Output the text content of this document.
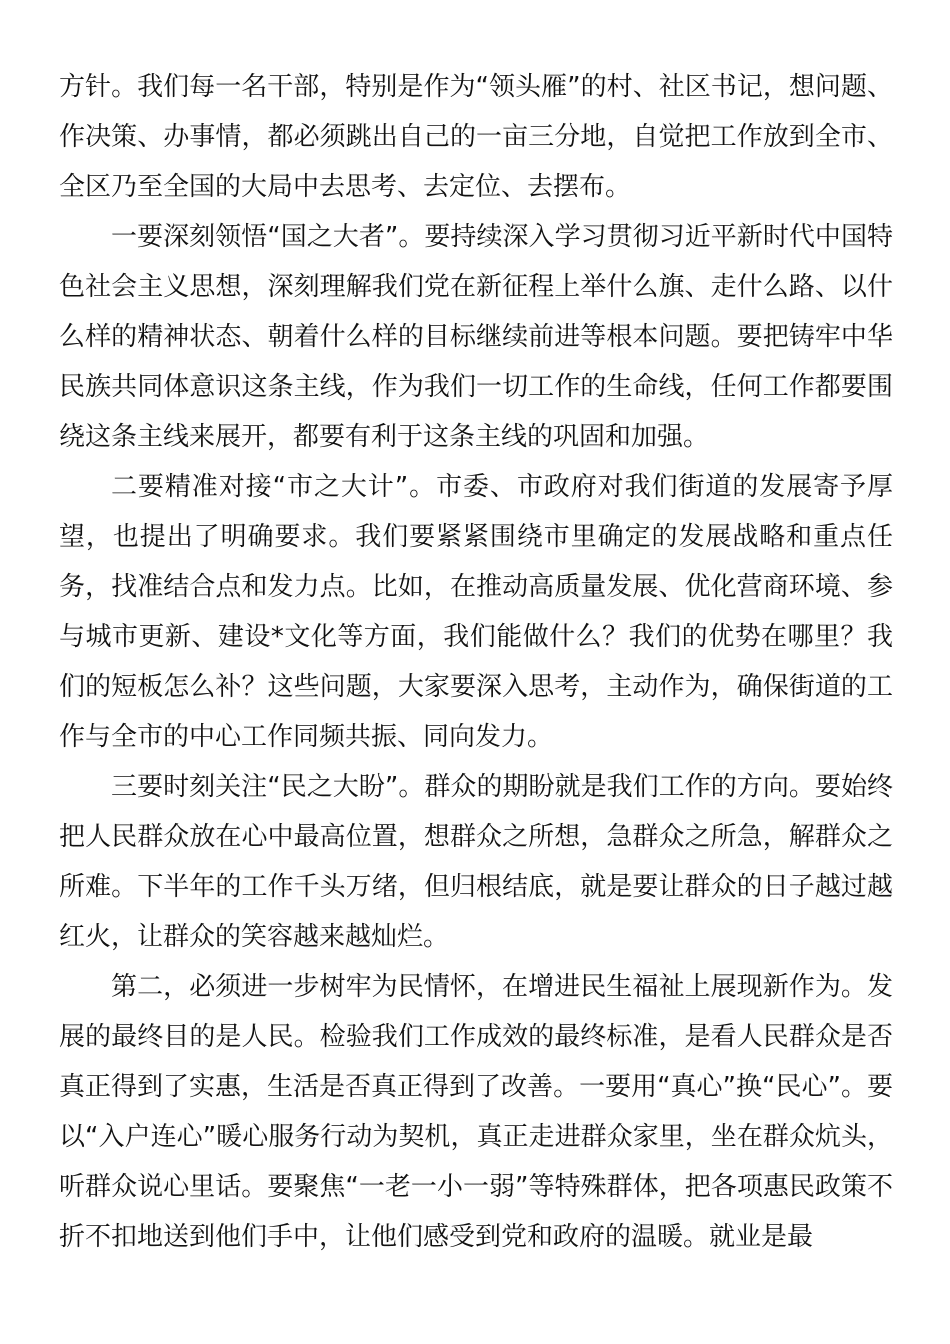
方针。我们每一名干部，特别是作为“领头雁”的村、社区书记，想问题、作决策、办事情，都必须跳出自己的一亩三分地，自觉把工作放到全市、全区乃至全国的大局中去思考、去定位、去摆布。

一要深刻领悟“国之大者”。要持续深入学习贯彻习近平新时代中国特色社会主义思想，深刻理解我们党在新征程上举什么旗、走什么路、以什么样的精神状态、朝着什么样的目标继续前进等根本问题。要把铸牢中华民族共同体意识这条主线，作为我们一切工作的生命线，任何工作都要围绕这条主线来展开，都要有利于这条主线的巩固和加强。

二要精准对接“市之大计”。市委、市政府对我们街道的发展寄予厚望，也提出了明确要求。我们要紧紧围绕市里确定的发展战略和重点任务，找准结合点和发力点。比如，在推动高质量发展、优化营商环境、参与城市更新、建设*文化等方面，我们能做什么？我们的优势在哪里？我们的短板怎么补？这些问题，大家要深入思考，主动作为，确保街道的工作与全市的中心工作同频共振、同向发力。

三要时刻关注“民之大盼”。群众的期盼就是我们工作的方向。要始终把人民群众放在心中最高位置，想群众之所想，急群众之所急，解群众之所难。下半年的工作千头万绪，但归根结底，就是要让群众的日子越过越红火，让群众的笑容越来越灿烂。

第二，必须进一步树牢为民情怀，在增进民生福祉上展现新作为。发展的最终目的是人民。检验我们工作成效的最终标准，是看人民群众是否真正得到了实惠，生活是否真正得到了改善。一要用“真心”换“民心”。要以“入户连心”暖心服务行动为契机，真正走进群众家里，坐在群众炕头，听群众说心里话。要聚焦“一老一小一弱”等特殊群体，把各项惠民政策不折不扣地送到他们手中，让他们感受到党和政府的温暖。就业是最
